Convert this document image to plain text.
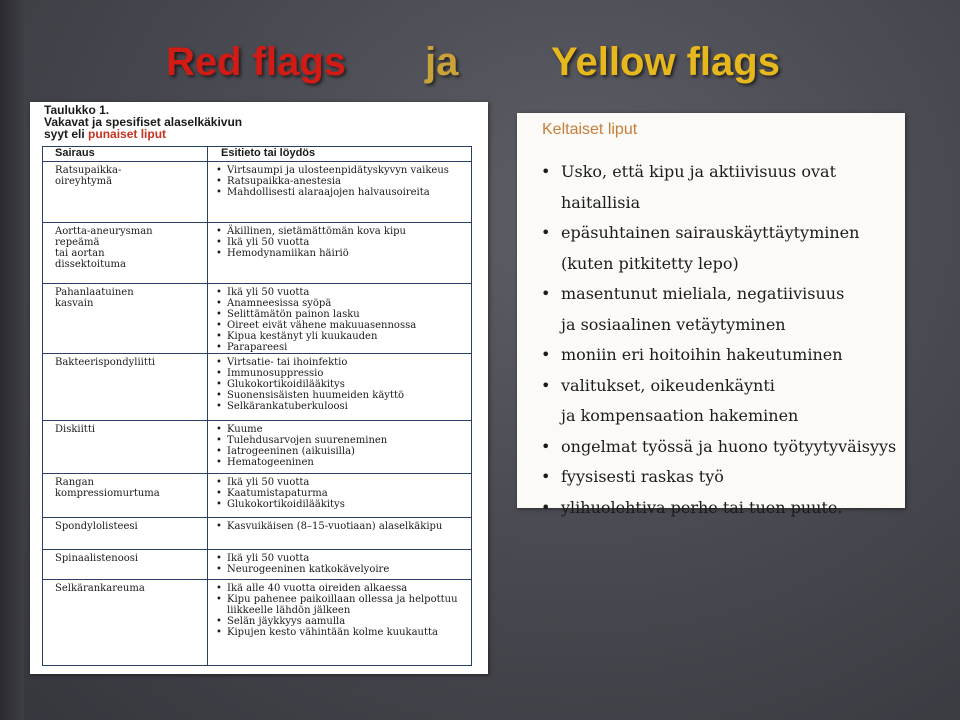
Red flags ja Yellow flags
Taulukko 1.
Vakavat ja spesifiset alaselkäkivun
syyt eli punaiset liput
Sairaus	Esitieto tai löydös
Ratsupaikka-
oireyhtymä
• Virtsaumpi ja ulosteenpidätyskyvyn vaikeus
• Ratsupaikka-anestesia
• Mahdollisesti alaraajojen halvausoireita
Aortta-aneurysman
repeämä
tai aortan
dissektoituma
• Äkillinen, sietämättömän kova kipu
• Ikä yli 50 vuotta
• Hemodynamiikan häiriö
Pahanlaatuinen
kasvain
• Ikä yli 50 vuotta
• Anamneesissa syöpä
• Selittämätön painon lasku
• Oireet eivät vähene makuuasennossa
• Kipua kestänyt yli kuukauden
• Parapareesi
Bakteerispondyliitti	• Virtsatie- tai ihoinfektio
• Immunosuppressio
• Glukokortikoidilääkitys
• Suonensisäisten huumeiden käyttö
• Selkärankatuberkuloosi
Diskiitti	• Kuume
• Tulehdusarvojen suureneminen
• Iatrogeeninen (aikuisilla)
• Hematogeeninen
Rangan
kompressiomurtuma
• Ikä yli 50 vuotta
• Kaatumistapaturma
• Glukokortikoidilääkitys
Spondylolisteesi	• Kasvuikäisen (8–15-vuotiaan) alaselkäkipu
Spinaalistenoosi	• Ikä yli 50 vuotta
• Neurogeeninen katkokävelyoire
Selkärankareuma	• Ikä alle 40 vuotta oireiden alkaessa
• Kipu pahenee paikoillaan ollessa ja helpottuu liikkeelle lähdön jälkeen
• Selän jäykkyys aamulla
• Kipujen kesto vähintään kolme kuukautta
Keltaiset liput
• Usko, että kipu ja aktiivisuus ovat haitallisia
• epäsuhtainen sairauskäyttäytyminen
(kuten pitkitetty lepo)
• masentunut mieliala, negatiivisuus
ja sosiaalinen vetäytyminen
• moniin eri hoitoihin hakeutuminen
• valitukset, oikeudenkäynti
ja kompensaation hakeminen
• ongelmat työssä ja huono työtyytyväisyys
• fyysisesti raskas työ
• ylihuolehtiva perhe tai tuen puute.
